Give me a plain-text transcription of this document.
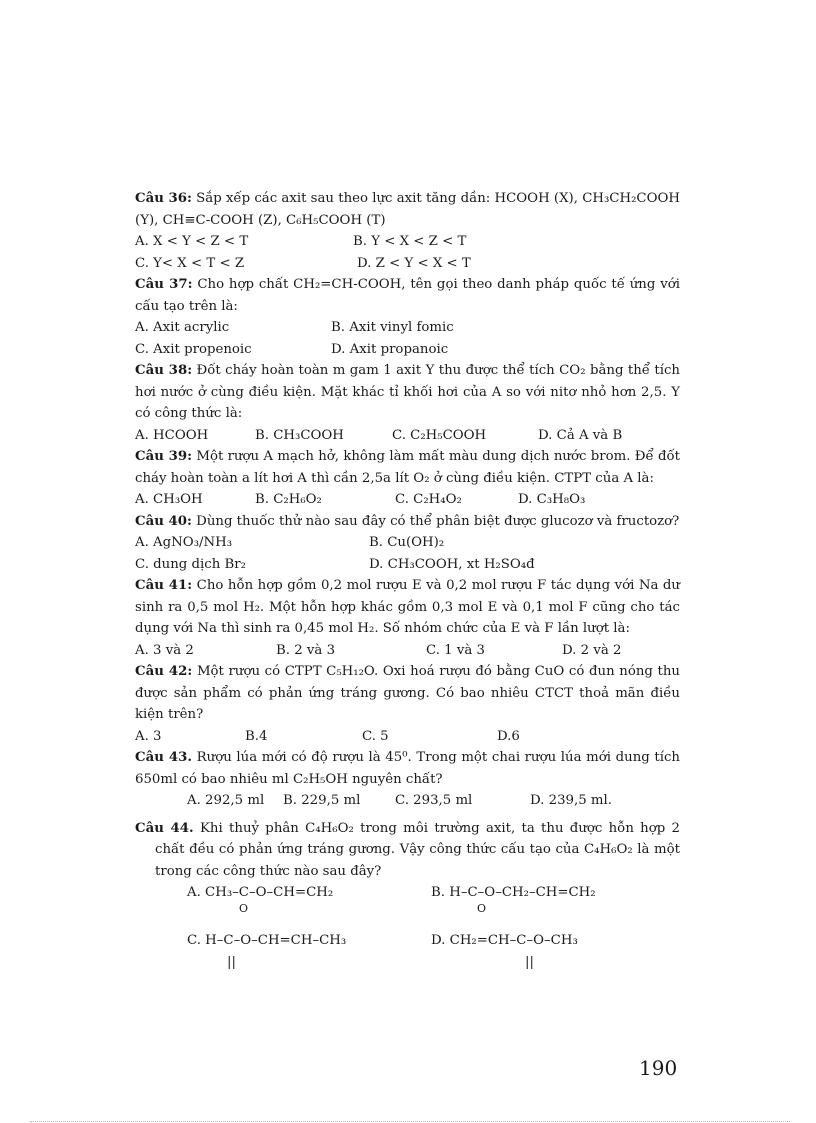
Câu 36: Sắp xếp các axit sau theo lực axit tăng dần: HCOOH (X), CH₃CH₂COOH (Y), CH≡C-COOH (Z), C₆H₅COOH (T)

A. X < Y < Z < T	B. Y < X < Z < T
C. Y< X < T < Z	D. Z < Y < X < T

Câu 37: Cho hợp chất CH₂=CH-COOH, tên gọi theo danh pháp quốc tế ứng với cấu tạo trên là:

A. Axit acrylic	B. Axit vinyl fomic
C. Axit propenoic	D. Axit propanoic

Câu 38: Đốt cháy hoàn toàn m gam 1 axit Y thu được thể tích CO₂ bằng thể tích hơi nước ở cùng điều kiện. Mặt khác tỉ khối hơi của A so với nitơ nhỏ hơn 2,5. Y có công thức là:

A. HCOOH	B. CH₃COOH	C. C₂H₅COOH	D. Cả A và B

Câu 39: Một rượu A mạch hở, không làm mất màu dung dịch nước brom. Để đốt cháy hoàn toàn a lít hơi A thì cần 2,5a lít O₂ ở cùng điều kiện. CTPT của A là:

A. CH₃OH	B. C₂H₆O₂	C. C₂H₄O₂	D. C₃H₈O₃

Câu 40: Dùng thuốc thử nào sau đây có thể phân biệt được glucozơ và fructozơ?

A. AgNO₃/NH₃	B. Cu(OH)₂
C. dung dịch Br₂	D. CH₃COOH, xt H₂SO₄đ

Câu 41: Cho hỗn hợp gồm 0,2 mol rượu E và 0,2 mol rượu F tác dụng với Na dư sinh ra 0,5 mol H₂. Một hỗn hợp khác gồm 0,3 mol E và 0,1 mol F cũng cho tác dụng với Na thì sinh ra 0,45 mol H₂. Số nhóm chức của E và F lần lượt là:

A. 3 và 2	B. 2 và 3	C. 1 và 3	D. 2 và 2

Câu 42: Một rượu có CTPT C₅H₁₂O. Oxi hoá rượu đó bằng CuO có đun nóng thu được sản phẩm có phản ứng tráng gương. Có bao nhiêu CTCT thoả mãn điều kiện trên?

A. 3	B.4	C. 5	D.6

Câu 43. Rượu lúa mới có độ rượu là 45⁰. Trong một chai rượu lúa mới dung tích 650ml có bao nhiêu ml C₂H₅OH nguyên chất?

A. 292,5 ml B. 229,5 ml	C. 293,5 ml	D. 239,5 ml.

Câu 44. Khi thuỷ phân C₄H₆O₂ trong môi trường axit, ta thu được hỗn hợp 2 chất đều có phản ứng tráng gương. Vậy công thức cấu tạo của C₄H₆O₂ là một trong các công thức nào sau đây?

A. CH₃–C–O–CH=CH₂
O
B. H–C–O–CH₂–CH=CH₂
O
C. H–C–O–CH=CH–CH₃
||
D. CH₂=CH–C–O–CH₃
||
190
